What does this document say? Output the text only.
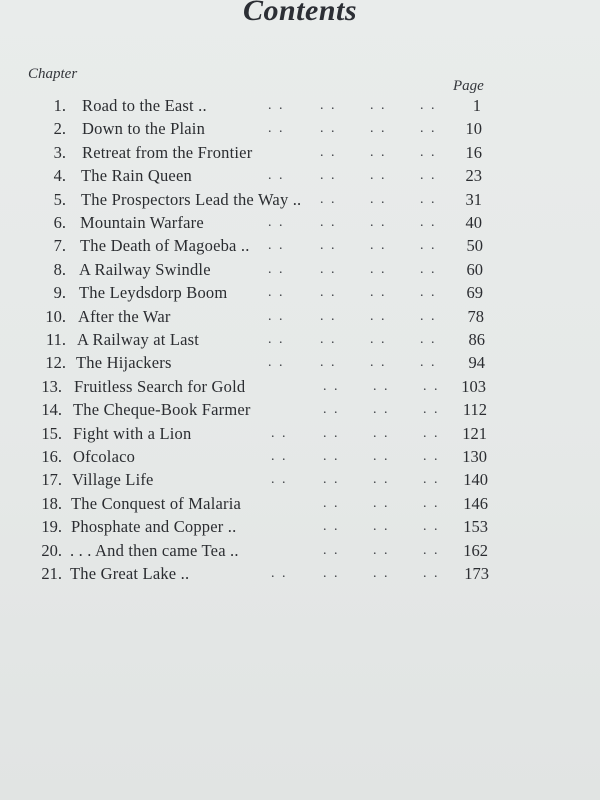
Contents
Chapter
Page
1. Road to the East ..	. .	. . . . . .	1
2. Down to the Plain	. .	. . . . . .	10
3. Retreat from the Frontier	. . . . . .	16
4. The Rain Queen	. .	. . . . . .	23
5. The Prospectors Lead the Way .. . . . . . .	31
6. Mountain Warfare	. .	. . . . . .	40
7. The Death of Magoeba .. . .	. . . . . .	50
8. A Railway Swindle	. .	. . . . . .	60
9. The Leydsdorp Boom	. .	. . . . . .	69
10. After the War	. .	. . . . . .	78
11. A Railway at Last	. .	. . . . . .	86
12. The Hijackers	. .	. . . . . .	94
13. Fruitless Search for Gold	. . . . . .	103
14. The Cheque-Book Farmer	. . . . . .	112
15. Fight with a Lion	. .	. . . . . .	121
16. Ofcolaco	. .	. . . . . .	130
17. Village Life	. .	. . . . . .	140
18. The Conquest of Malaria	. . . . . .	146
19. Phosphate and Copper ..	. . . . . .	153
20. . . . And then came Tea ..	. . . . . .	162
21. The Great Lake ..	. .	. . . . . .	173
